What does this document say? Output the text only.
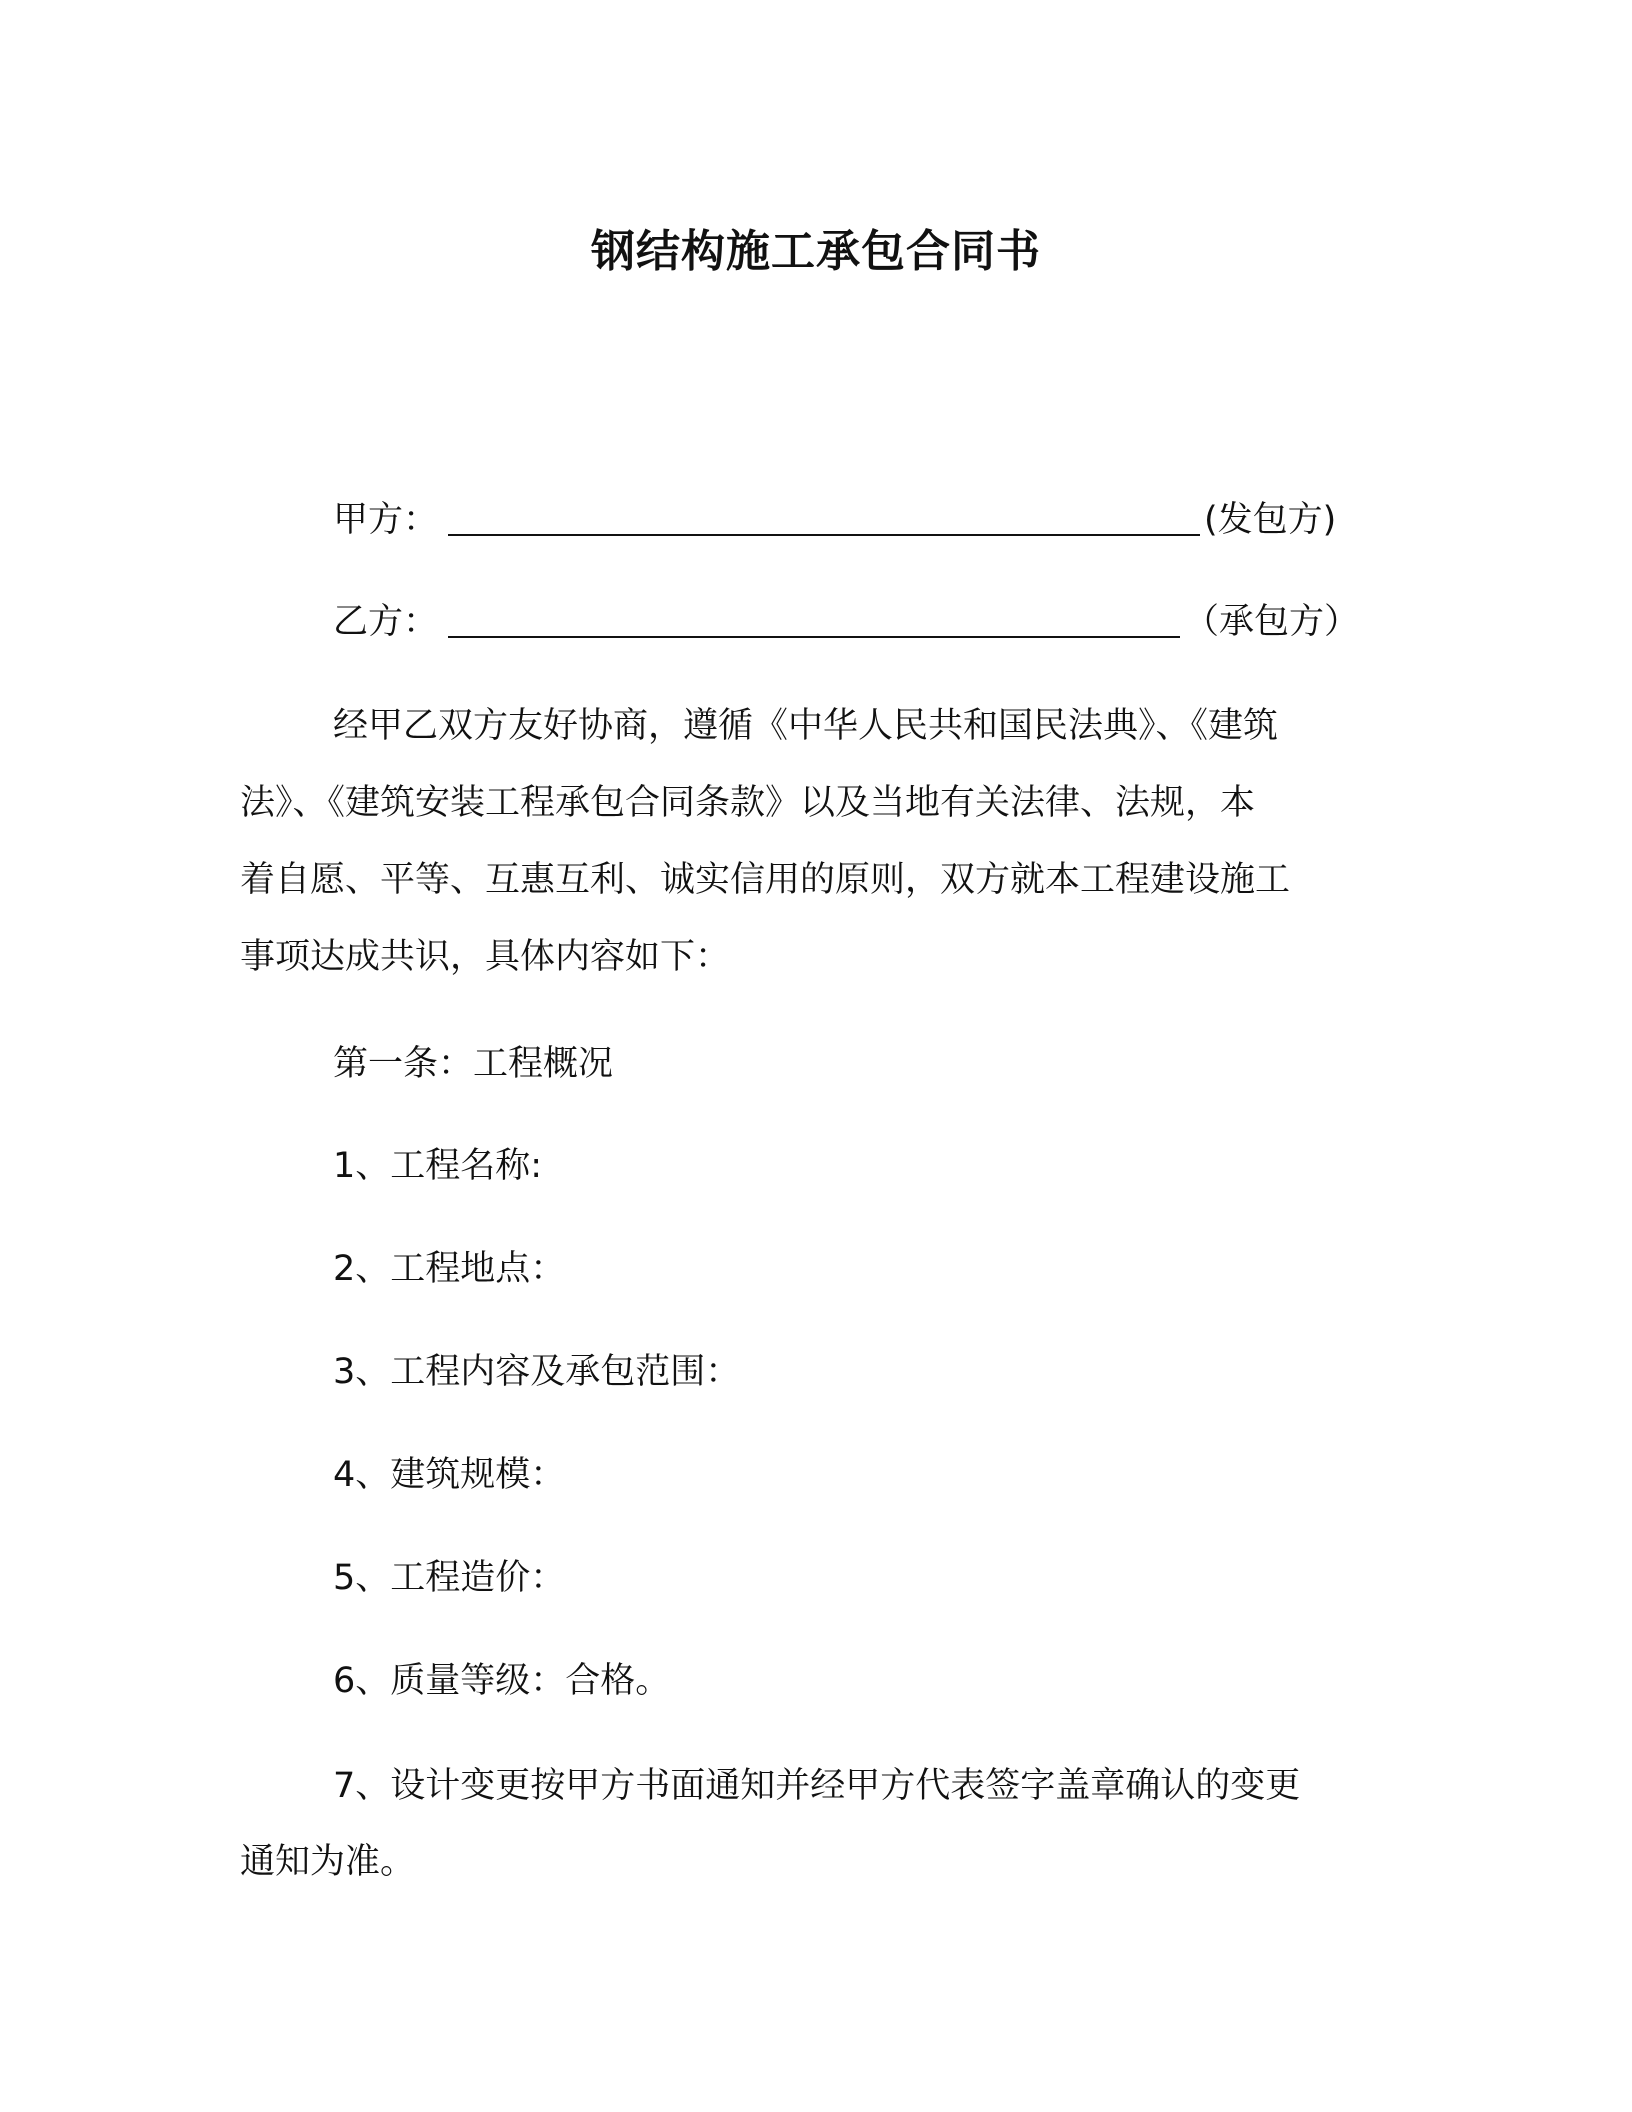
钢结构施工承包合同书
甲方：	(发包方)
乙方：	（承包方）

经甲乙双方友好协商，遵循《中华人民共和国民法典》、《建筑

法》、《建筑安装工程承包合同条款》以及当地有关法律、法规，本

着自愿、平等、互惠互利、诚实信用的原则，双方就本工程建设施工

事项达成共识，具体内容如下：

第一条：工程概况

1、工程名称:

2、工程地点：

3、工程内容及承包范围：

4、建筑规模：

5、工程造价：

6、质量等级：合格。

7、设计变更按甲方书面通知并经甲方代表签字盖章确认的变更

通知为准。
